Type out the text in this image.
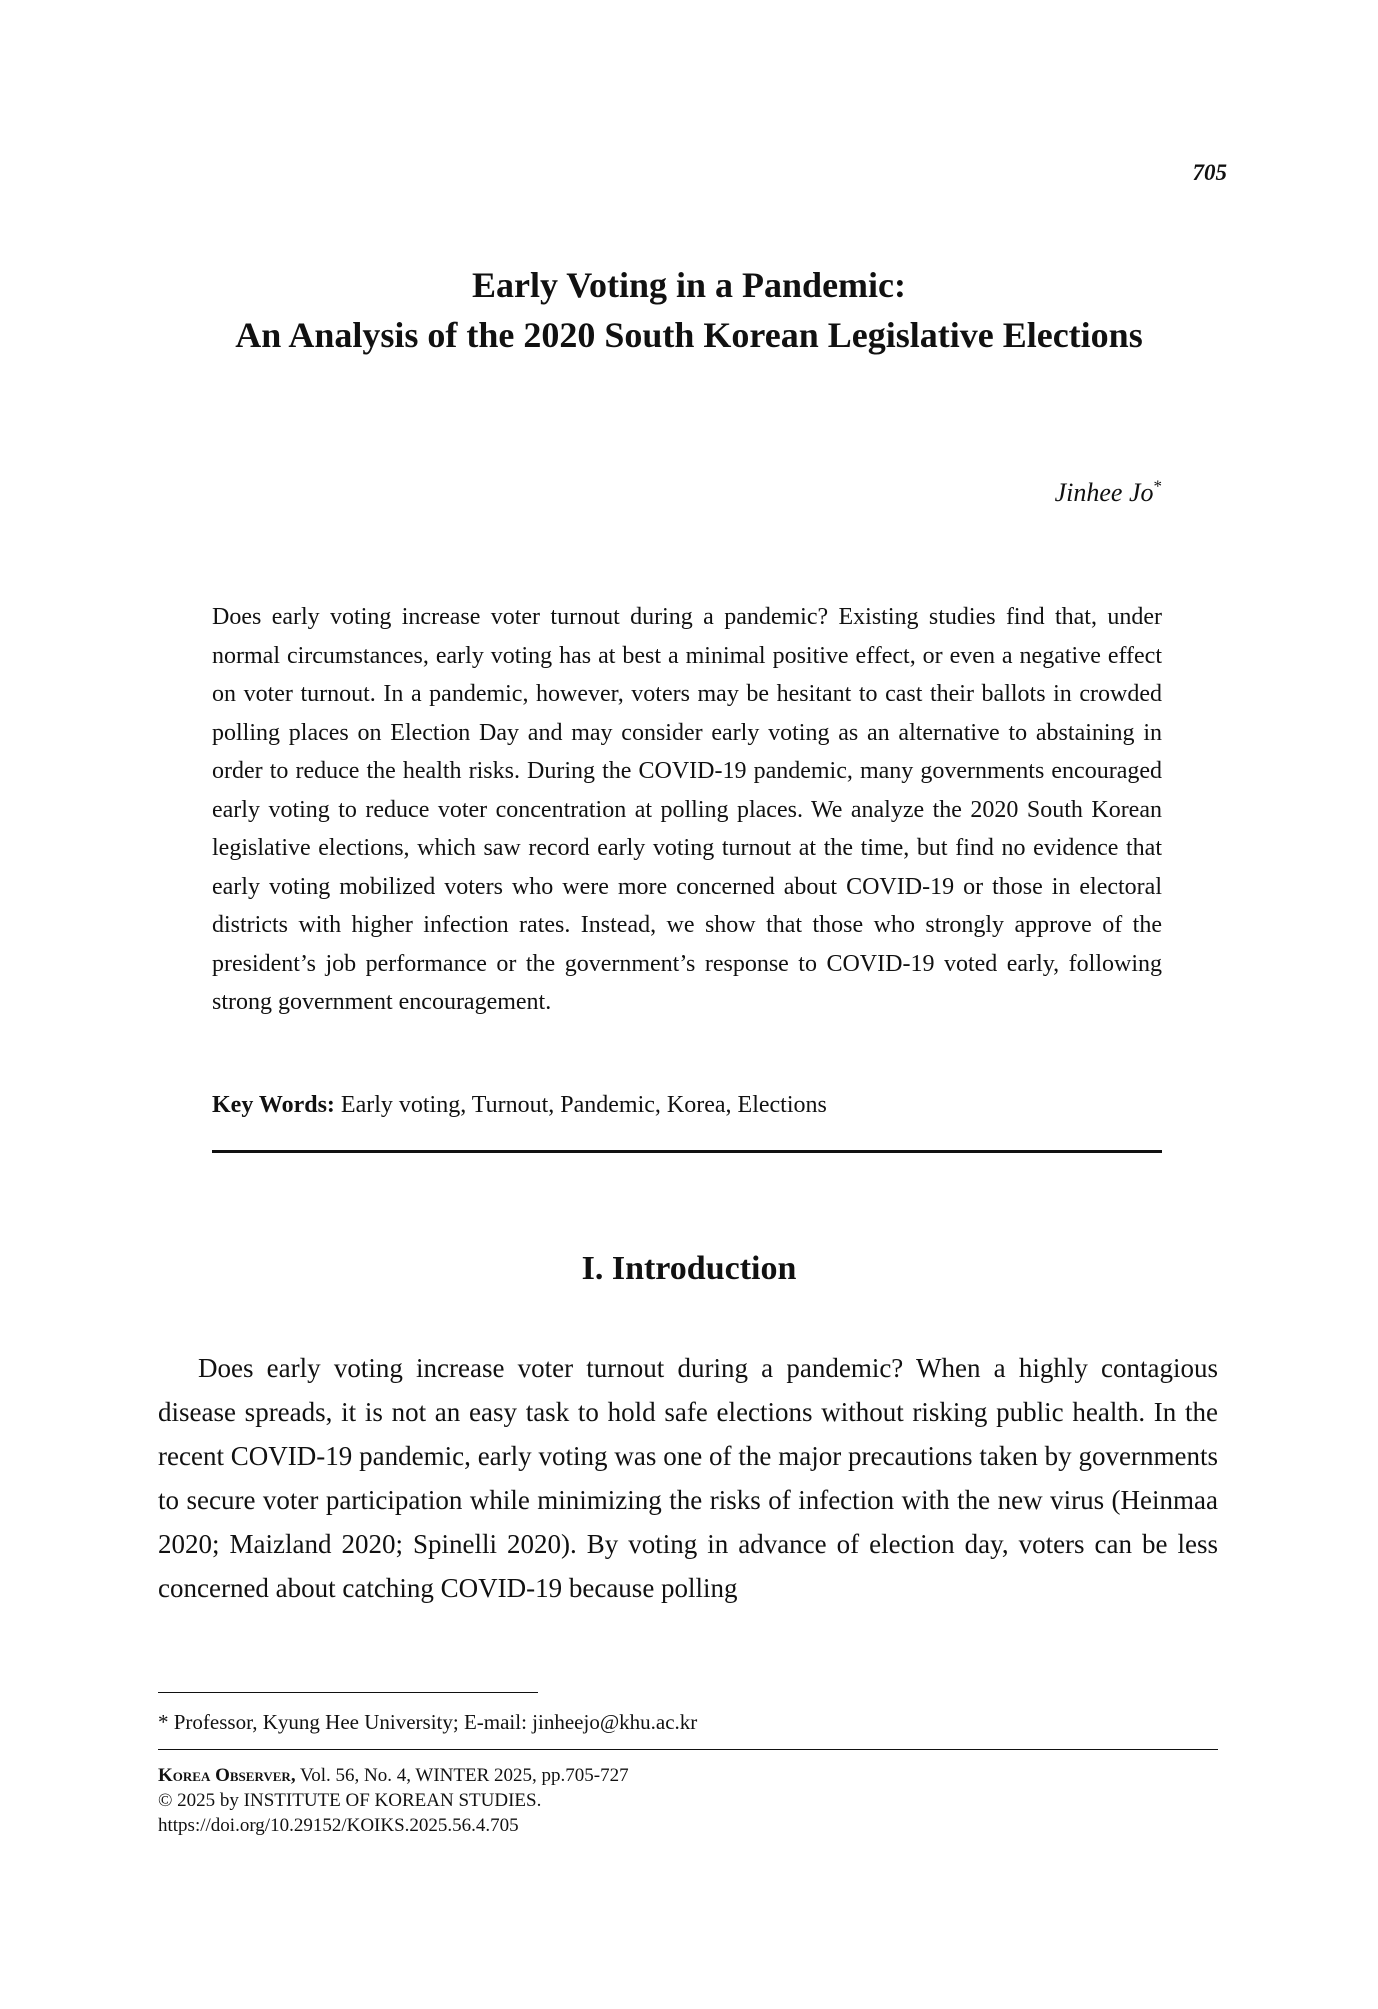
705
Early Voting in a Pandemic:
An Analysis of the 2020 South Korean Legislative Elections
Jinhee Jo*

Does early voting increase voter turnout during a pandemic? Existing studies find that, under normal circumstances, early voting has at best a minimal positive effect, or even a negative effect on voter turnout. In a pandemic, however, voters may be hesitant to cast their ballots in crowded polling places on Election Day and may consider early voting as an alternative to abstaining in order to reduce the health risks. During the COVID-19 pandemic, many governments encouraged early voting to reduce voter concentration at polling places. We analyze the 2020 South Korean legislative elections, which saw record early voting turnout at the time, but find no evidence that early voting mobilized voters who were more concerned about COVID-19 or those in electoral districts with higher infection rates. Instead, we show that those who strongly approve of the president’s job performance or the government’s response to COVID-19 voted early, following strong government encouragement.

Key Words: Early voting, Turnout, Pandemic, Korea, Elections
I. Introduction

Does early voting increase voter turnout during a pandemic? When a highly contagious disease spreads, it is not an easy task to hold safe elections without risking public health. In the recent COVID-19 pandemic, early voting was one of the major precautions taken by governments to secure voter participation while minimizing the risks of infection with the new virus (Heinmaa 2020; Maizland 2020; Spinelli 2020). By voting in advance of election day, voters can be less concerned about catching COVID-19 because polling

* Professor, Kyung Hee University; E-mail: jinheejo@khu.ac.kr
Korea Observer, Vol. 56, No. 4, WINTER 2025, pp.705-727
© 2025 by INSTITUTE OF KOREAN STUDIES.
https://doi.org/10.29152/KOIKS.2025.56.4.705
